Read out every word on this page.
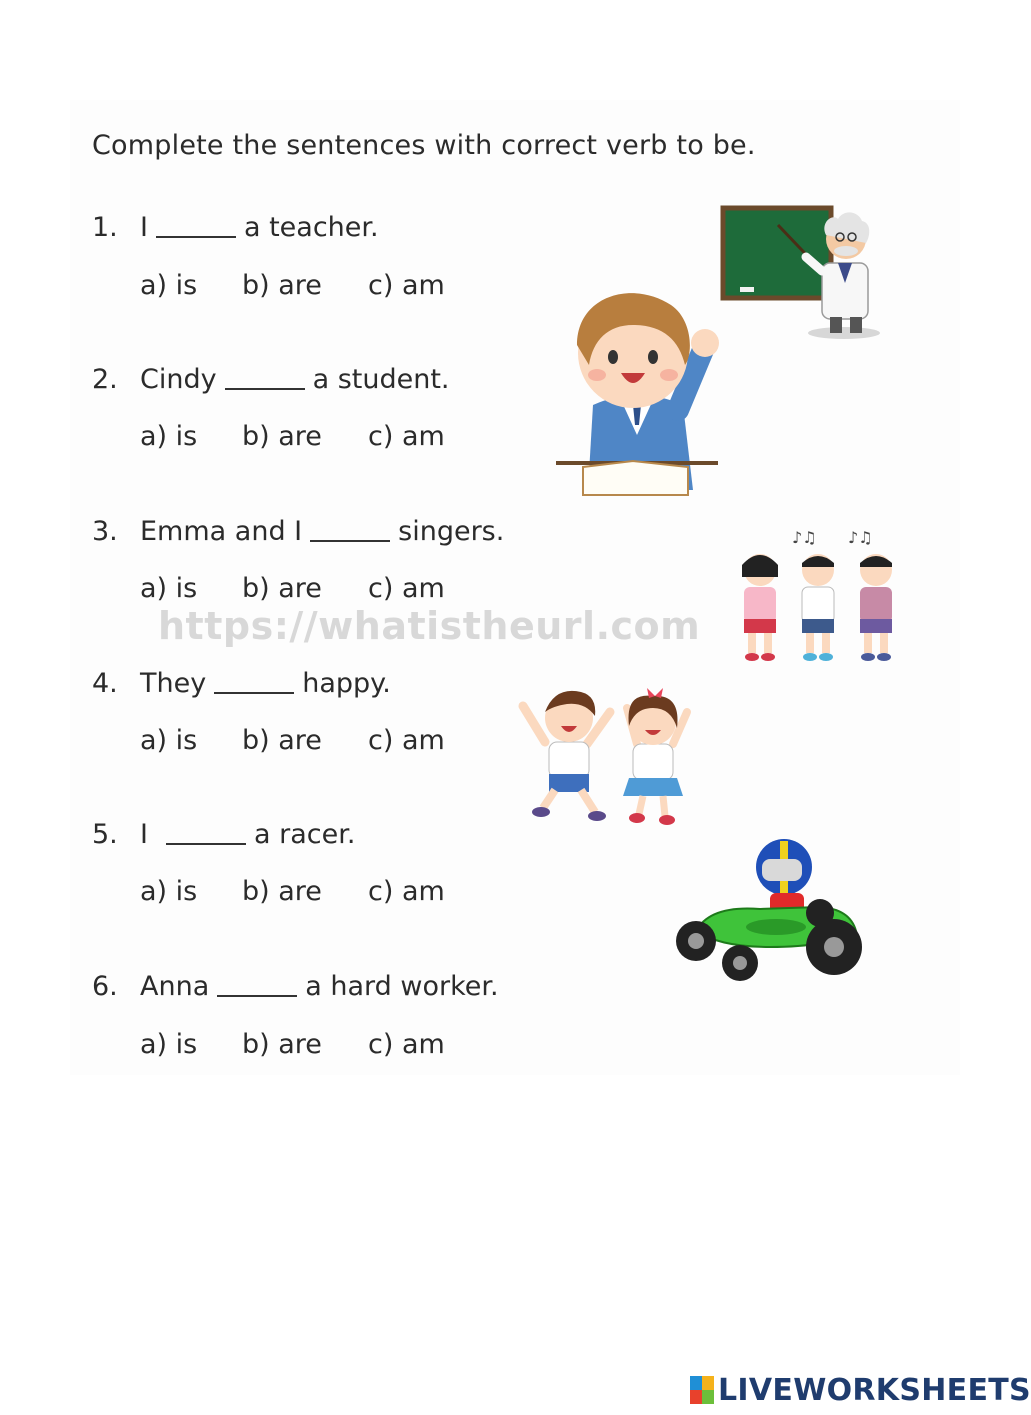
Complete the sentences with correct verb to be.
1. I	a teacher.
a) is b) are c) am
2. Cindy	a student.
a) is b) are c) am
3. Emma and I	singers.
a) is b) are c) am
https://whatistheurl.com
4. They	happy.
a) is b) are c) am
5. I	a racer.
a) is b) are c) am
6. Anna	a hard worker.
a) is b) are c) am
♪♫ ♪♫
LIVEWORKSHEETS
